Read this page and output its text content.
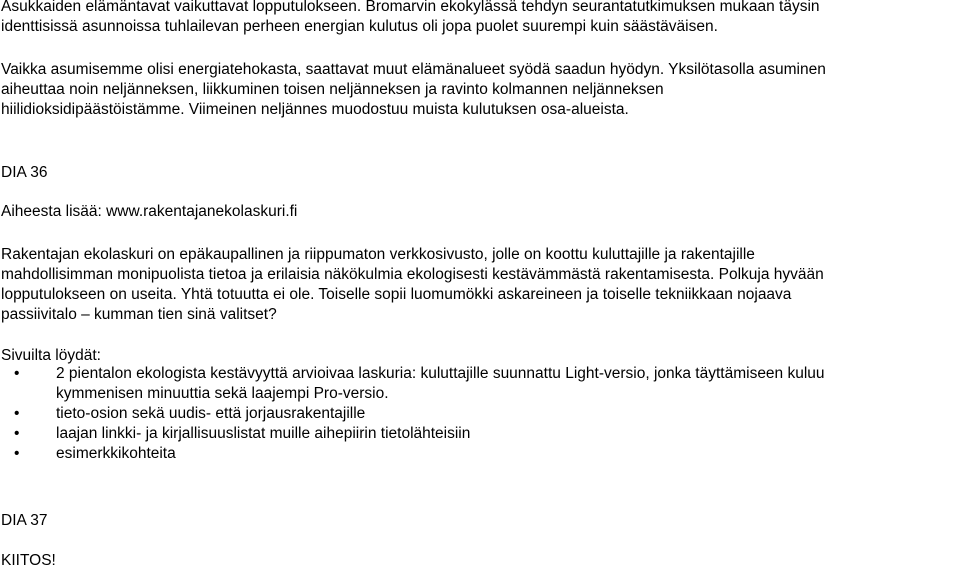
Asukkaiden elämäntavat vaikuttavat lopputulokseen. Bromarvin ekokylässä tehdyn seurantatutkimuksen mukaan täysin
identtisissä asunnoissa tuhlailevan perheen energian kulutus oli jopa puolet suurempi kuin säästäväisen.

Vaikka asumisemme olisi energiatehokasta, saattavat muut elämänalueet syödä saadun hyödyn. Yksilötasolla asuminen
aiheuttaa noin neljänneksen, liikkuminen toisen neljänneksen ja ravinto kolmannen neljänneksen
hiilidioksidipäästöistämme. Viimeinen neljännes muodostuu muista kulutuksen osa-alueista.

DIA 36

Aiheesta lisää: www.rakentajanekolaskuri.fi

Rakentajan ekolaskuri on epäkaupallinen ja riippumaton verkkosivusto, jolle on koottu kuluttajille ja rakentajille
mahdollisimman monipuolista tietoa ja erilaisia näkökulmia ekologisesti kestävämmästä rakentamisesta. Polkuja hyvään
lopputulokseen on useita. Yhtä totuutta ei ole. Toiselle sopii luomumökki askareineen ja toiselle tekniikkaan nojaava
passiivitalo – kumman tien sinä valitset?

Sivuilta löydät:

• 2 pientalon ekologista kestävyyttä arvioivaa laskuria: kuluttajille suunnattu Light-versio, jonka täyttämiseen kuluu
kymmenisen minuuttia sekä laajempi Pro-versio.
• tieto-osion sekä uudis- että jorjausrakentajille
• laajan linkki- ja kirjallisuuslistat muille aihepiirin tietolähteisiin
• esimerkkikohteita

DIA 37

KIITOS!
